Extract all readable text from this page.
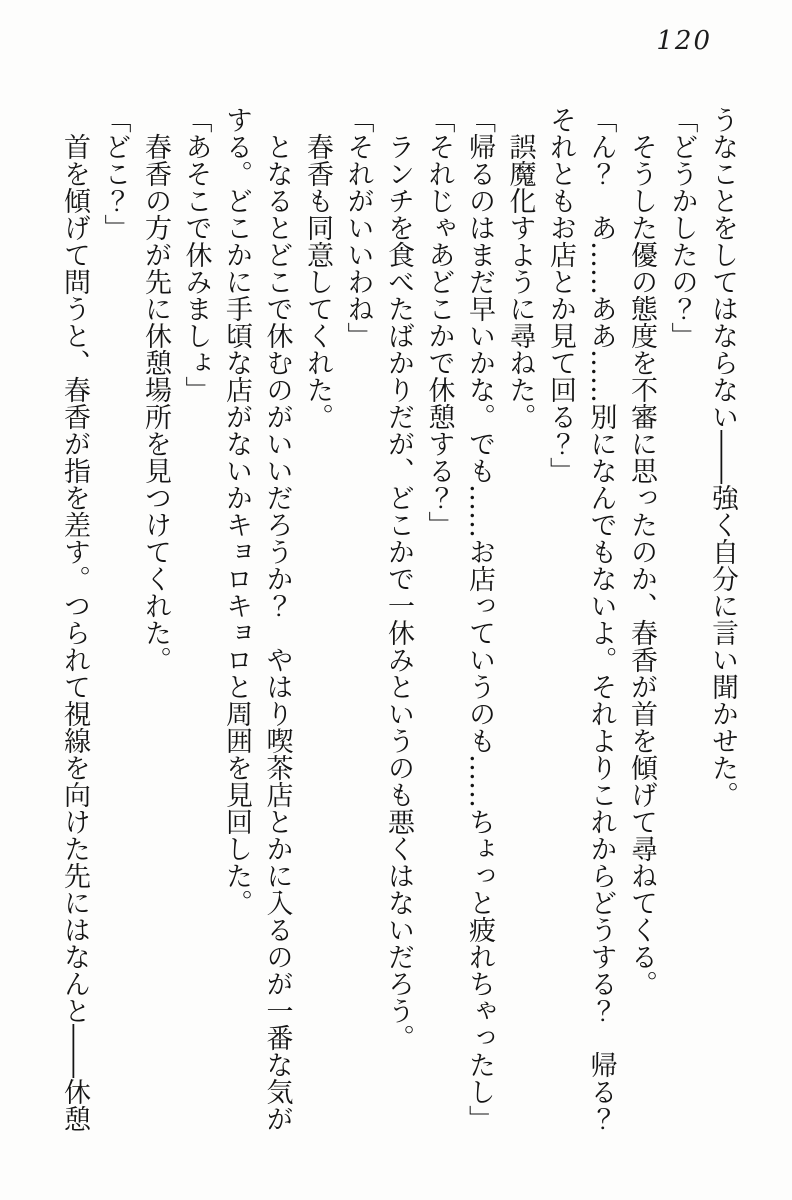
120

うなことをしてはならない――強く自分に言い聞かせた。

「どうかしたの？」

そうした優の態度を不審に思ったのか、春香が首を傾げて尋ねてくる。

「ん？　あ……ああ……別になんでもないよ。それよりこれからどうする？　帰る？

それともお店とか見て回る？」

誤魔化すように尋ねた。

「帰るのはまだ早いかな。でも……お店っていうのも……ちょっと疲れちゃったし」

「それじゃあどこかで休憩する？」

ランチを食べたばかりだが、どこかで一休みというのも悪くはないだろう。

「それがいいわね」

春香も同意してくれた。

となるとどこで休むのがいいだろうか？　やはり喫茶店とかに入るのが一番な気が

する。どこかに手頃な店がないかキョロキョロと周囲を見回した。

「あそこで休みましょ」

春香の方が先に休憩場所を見つけてくれた。

「どこ？」

首を傾げて問うと、春香が指を差す。つられて視線を向けた先にはなんと――休憩
